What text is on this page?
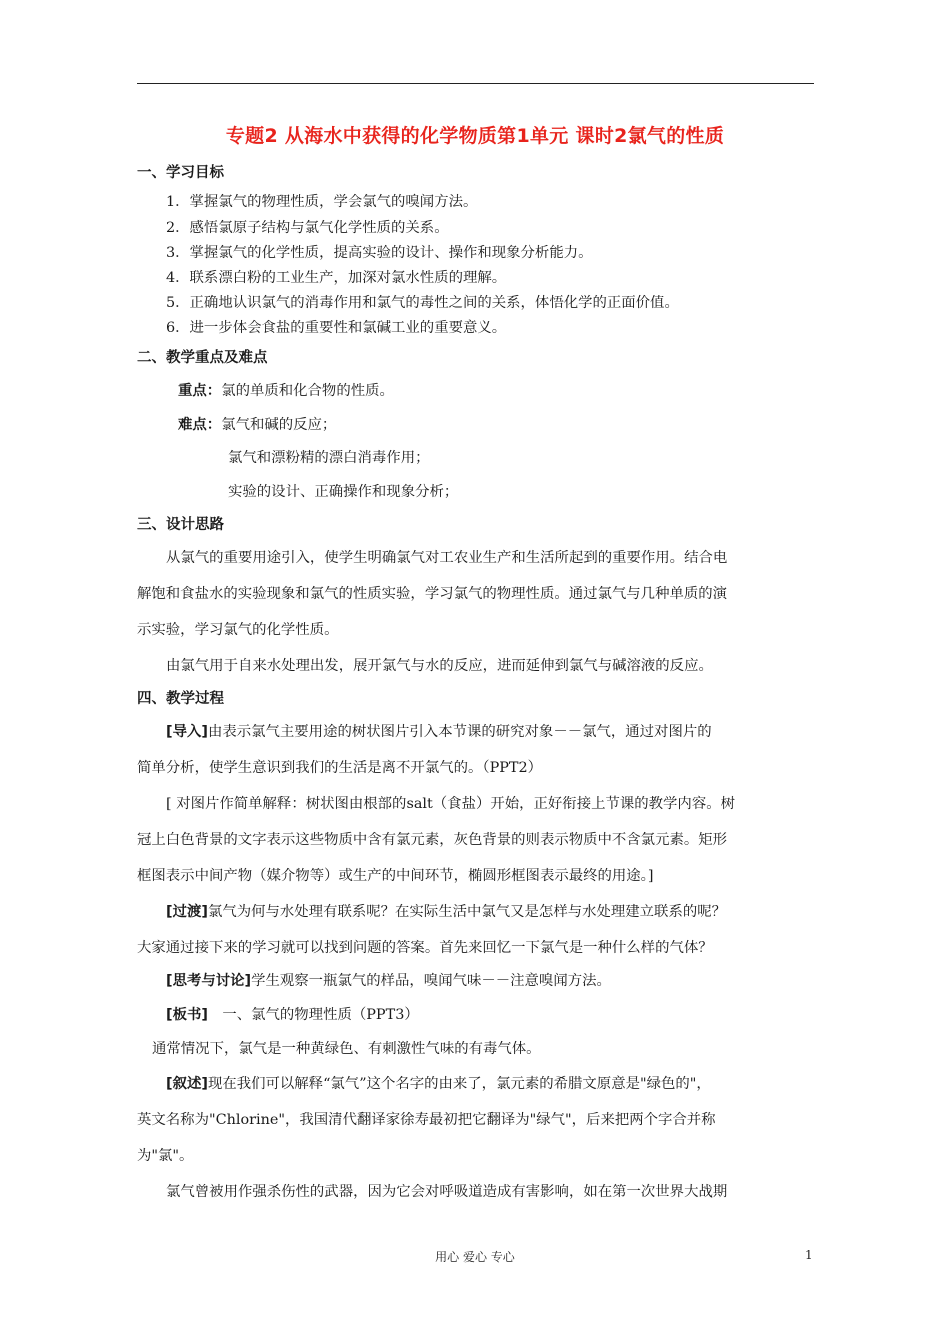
专题2 从海水中获得的化学物质第1单元 课时2氯气的性质
一、学习目标
1．掌握氯气的物理性质，学会氯气的嗅闻方法。
2．感悟氯原子结构与氯气化学性质的关系。
3．掌握氯气的化学性质，提高实验的设计、操作和现象分析能力。
4．联系漂白粉的工业生产，加深对氯水性质的理解。
5．正确地认识氯气的消毒作用和氯气的毒性之间的关系，体悟化学的正面价值。
6．进一步体会食盐的重要性和氯碱工业的重要意义。
二、教学重点及难点
重点：氯的单质和化合物的性质。
难点：氯气和碱的反应；
氯气和漂粉精的漂白消毒作用；
实验的设计、正确操作和现象分析；
三、设计思路
从氯气的重要用途引入，使学生明确氯气对工农业生产和生活所起到的重要作用。结合电
解饱和食盐水的实验现象和氯气的性质实验，学习氯气的物理性质。通过氯气与几种单质的演
示实验，学习氯气的化学性质。
由氯气用于自来水处理出发，展开氯气与水的反应，进而延伸到氯气与碱溶液的反应。
四、教学过程
[导入]由表示氯气主要用途的树状图片引入本节课的研究对象－－氯气，通过对图片的
简单分析，使学生意识到我们的生活是离不开氯气的。（PPT2）
[ 对图片作简单解释：树状图由根部的salt（食盐）开始，正好衔接上节课的教学内容。树
冠上白色背景的文字表示这些物质中含有氯元素，灰色背景的则表示物质中不含氯元素。矩形
框图表示中间产物（媒介物等）或生产的中间环节，椭圆形框图表示最终的用途。]
[过渡]氯气为何与水处理有联系呢？在实际生活中氯气又是怎样与水处理建立联系的呢？
大家通过接下来的学习就可以找到问题的答案。首先来回忆一下氯气是一种什么样的气体？
[思考与讨论]学生观察一瓶氯气的样品，嗅闻气味－－注意嗅闻方法。
[板书]　一、氯气的物理性质（PPT3）
通常情况下，氯气是一种黄绿色、有刺激性气味的有毒气体。
[叙述]现在我们可以解释“氯气”这个名字的由来了，氯元素的希腊文原意是"绿色的"，
英文名称为"Chlorine"，我国清代翻译家徐寿最初把它翻译为"绿气"，后来把两个字合并称
为"氯"。
氯气曾被用作强杀伤性的武器，因为它会对呼吸道造成有害影响，如在第一次世界大战期
用心 爱心 专心	1
